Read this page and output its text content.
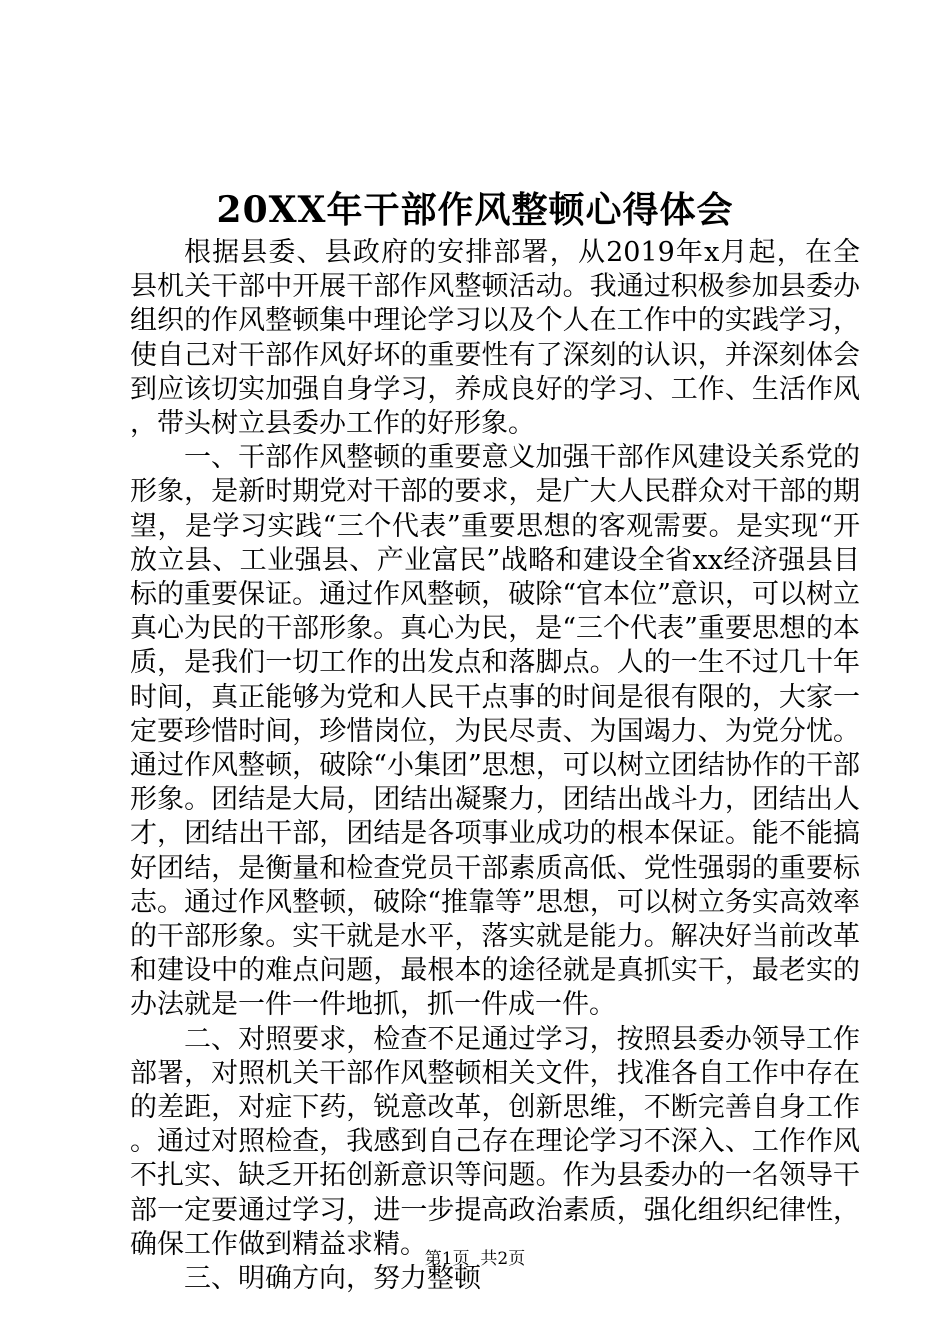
20XX年干部作风整顿心得体会

根据县委、县政府的安排部署，从2019年x月起，在全县机关干部中开展干部作风整顿活动。我通过积极参加县委办组织的作风整顿集中理论学习以及个人在工作中的实践学习，使自己对干部作风好坏的重要性有了深刻的认识，并深刻体会到应该切实加强自身学习，养成良好的学习、工作、生活作风，带头树立县委办工作的好形象。

一、干部作风整顿的重要意义加强干部作风建设关系党的形象，是新时期党对干部的要求，是广大人民群众对干部的期望，是学习实践“三个代表”重要思想的客观需要。是实现“开放立县、工业强县、产业富民”战略和建设全省xx经济强县目标的重要保证。通过作风整顿，破除“官本位”意识，可以树立真心为民的干部形象。真心为民，是“三个代表”重要思想的本质，是我们一切工作的出发点和落脚点。人的一生不过几十年时间，真正能够为党和人民干点事的时间是很有限的，大家一定要珍惜时间，珍惜岗位，为民尽责、为国竭力、为党分忧。通过作风整顿，破除“小集团”思想，可以树立团结协作的干部形象。团结是大局，团结出凝聚力，团结出战斗力，团结出人才，团结出干部，团结是各项事业成功的根本保证。能不能搞好团结，是衡量和检查党员干部素质高低、党性强弱的重要标志。通过作风整顿，破除“推靠等”思想，可以树立务实高效率的干部形象。实干就是水平，落实就是能力。解决好当前改革和建设中的难点问题，最根本的途径就是真抓实干，最老实的办法就是一件一件地抓，抓一件成一件。

二、对照要求，检查不足通过学习，按照县委办领导工作部署，对照机关干部作风整顿相关文件，找准各自工作中存在的差距，对症下药，锐意改革，创新思维，不断完善自身工作。通过对照检查，我感到自己存在理论学习不深入、工作作风不扎实、缺乏开拓创新意识等问题。作为县委办的一名领导干部一定要通过学习，进一步提高政治素质，强化组织纪律性，确保工作做到精益求精。

三、明确方向，努力整顿

第1页  共2页
